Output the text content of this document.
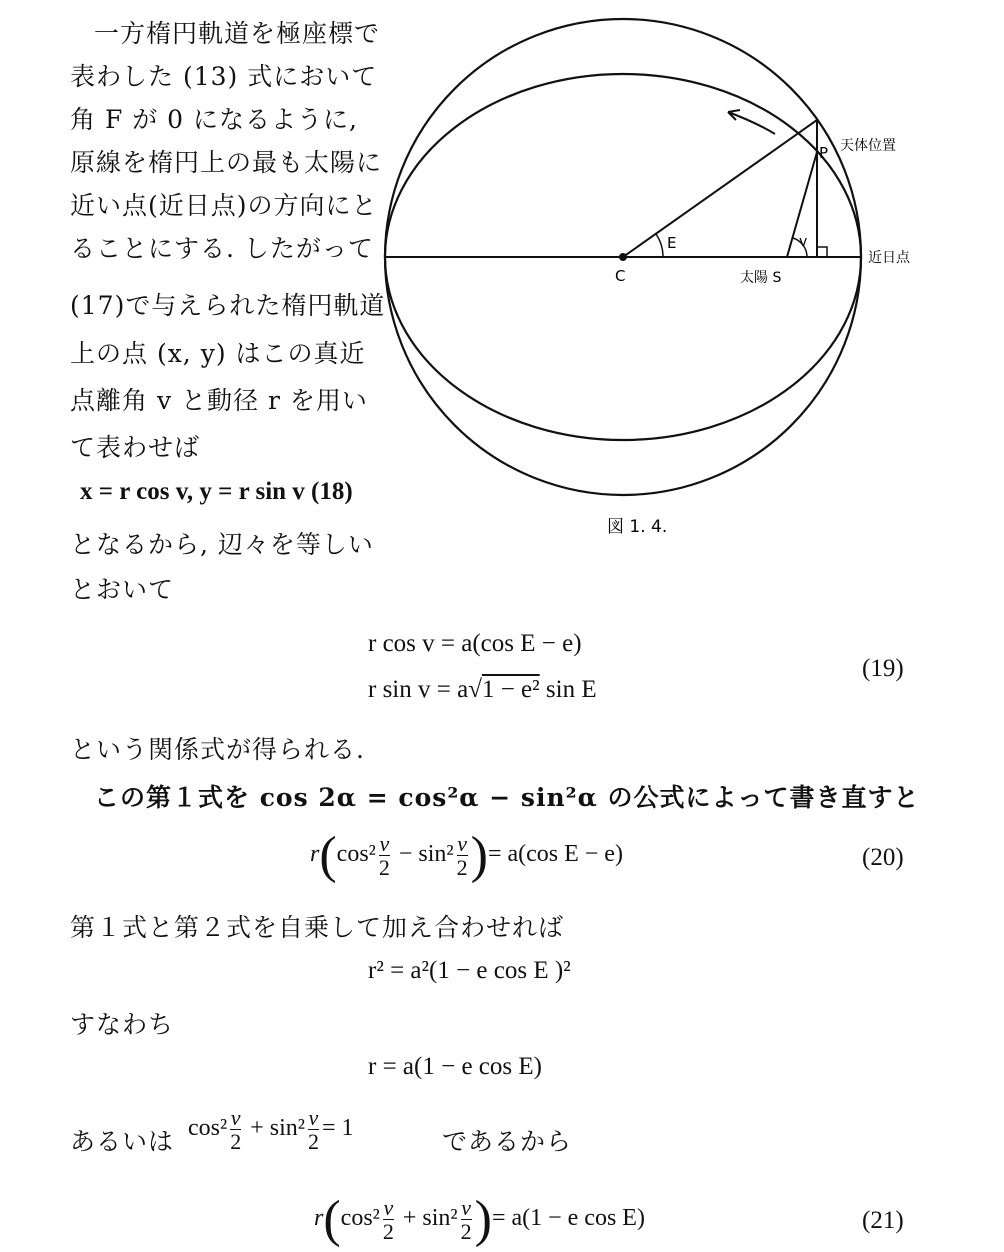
一方楕円軌道を極座標で
表わした (13) 式において
角 F が 0 になるように,
原線を楕円上の最も太陽に
近い点(近日点)の方向にと
ることにする. したがって
(17)で与えられた楕円軌道
上の点 (x, y) はこの真近
点離角 v と動径 r を用い
て表わせば
x = r cos v, y = r sin v (18)
となるから, 辺々を等しい
とおいて
E	v
C	太陽 S
P 天体位置
近日点
図 1. 4.
r cos v = a(cos E − e)
r sin v = a√1 − e² sin E
(19)
という関係式が得られる.
この第１式を cos 2α = cos²α − sin²α の公式によって書き直すと
$r(\cos^2 \frac{v}{2} - \sin^2 \frac{v}{2}$ )= a(cos E − e)	(20)
第１式と第２式を自乗して加え合わせれば
r² = a²(1 − e cos E )²
すなわち
r = a(1 − e cos E)
あるいは $\cos^2 \frac{v}{2} + \sin^2 \frac{v}{2} = 1$	であるから
$r(\cos^2 \frac{v}{2} + \sin^2 \frac{v}{2}$ )= a(1 − e cos E)	(21)
